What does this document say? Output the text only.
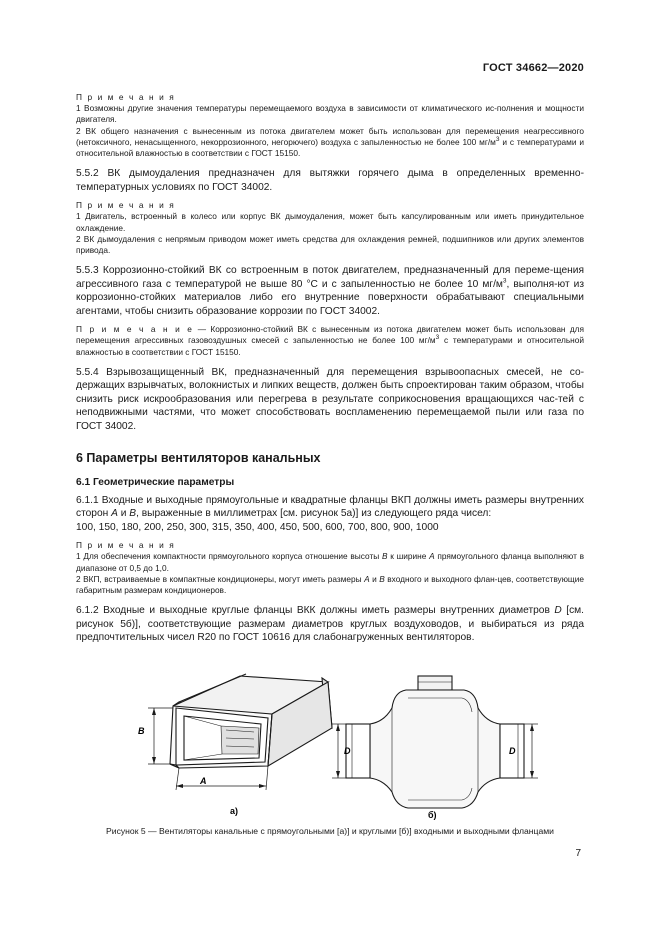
ГОСТ 34662—2020

П р и м е ч а н и я

1 Возможны другие значения температуры перемещаемого воздуха в зависимости от климатического ис-полнения и мощности двигателя.

2 ВК общего назначения с вынесенным из потока двигателем может быть использован для перемещения неагрессивного (нетоксичного, ненасыщенного, некоррозионного, негорючего) воздуха с запыленностью не более 100 $мг/м^3$ и с температурами и относительной влажностью в соответствии с ГОСТ 15150.

5.5.2 ВК дымоудаления предназначен для вытяжки горячего дыма в определенных временно-температурных условиях по ГОСТ 34002.

П р и м е ч а н и я

1 Двигатель, встроенный в колесо или корпус ВК дымоудаления, может быть капсулированным или иметь принудительное охлаждение.

2 ВК дымоудаления с непрямым приводом может иметь средства для охлаждения ремней, подшипников или других элементов привода.

5.5.3 Коррозионно-стойкий ВК со встроенным в поток двигателем, предназначенный для переме-щения агрессивного газа с температурой не выше 80 °С и с запыленностью не более 10 $мг/м^3$, выполня-ют из коррозионно-стойких материалов либо его внутренние поверхности обрабатывают специальными агентами, чтобы снизить образование коррозии по ГОСТ 34002.

П р и м е ч а н и е — Коррозионно-стойкий ВК с вынесенным из потока двигателем может быть использован для перемещения агрессивных газовоздушных смесей с запыленностью не более 100 $мг/м^3$ с температурами и относительной влажностью в соответствии с ГОСТ 15150.

5.5.4 Взрывозащищенный ВК, предназначенный для перемещения взрывоопасных смесей, не со-держащих взрывчатых, волокнистых и липких веществ, должен быть спроектирован таким образом, чтобы снизить риск искрообразования или перегрева в результате соприкосновения вращающихся час-тей с неподвижными частями, что может способствовать воспламенению перемещаемой пыли или газа по ГОСТ 34002.

6 Параметры вентиляторов канальных

6.1 Геометрические параметры

6.1.1 Входные и выходные прямоугольные и квадратные фланцы ВКП должны иметь размеры внутренних сторон А и В, выраженные в миллиметрах [см. рисунок 5а)] из следующего ряда чисел:

100, 150, 180, 200, 250, 300, 315, 350, 400, 450, 500, 600, 700, 800, 900, 1000

П р и м е ч а н и я

1 Для обеспечения компактности прямоугольного корпуса отношение высоты В к ширине А прямоугольного фланца выполняют в диапазоне от 0,5 до 1,0.

2 ВКП, встраиваемые в компактные кондиционеры, могут иметь размеры А и В входного и выходного флан-цев, соответствующие габаритным размерам кондиционеров.

6.1.2 Входные и выходные круглые фланцы ВКК должны иметь размеры внутренних диаметров D [см. рисунок 5б)], соответствующие размерам диаметров круглых воздуховодов, и выбираться из ряда предпочтительных чисел R20 по ГОСТ 10616 для слабонагруженных вентиляторов.

В
А
а)
D	D
б)
Рисунок 5 — Вентиляторы канальные с прямоугольными [а)] и круглыми [б)] входными и выходными фланцами
7
